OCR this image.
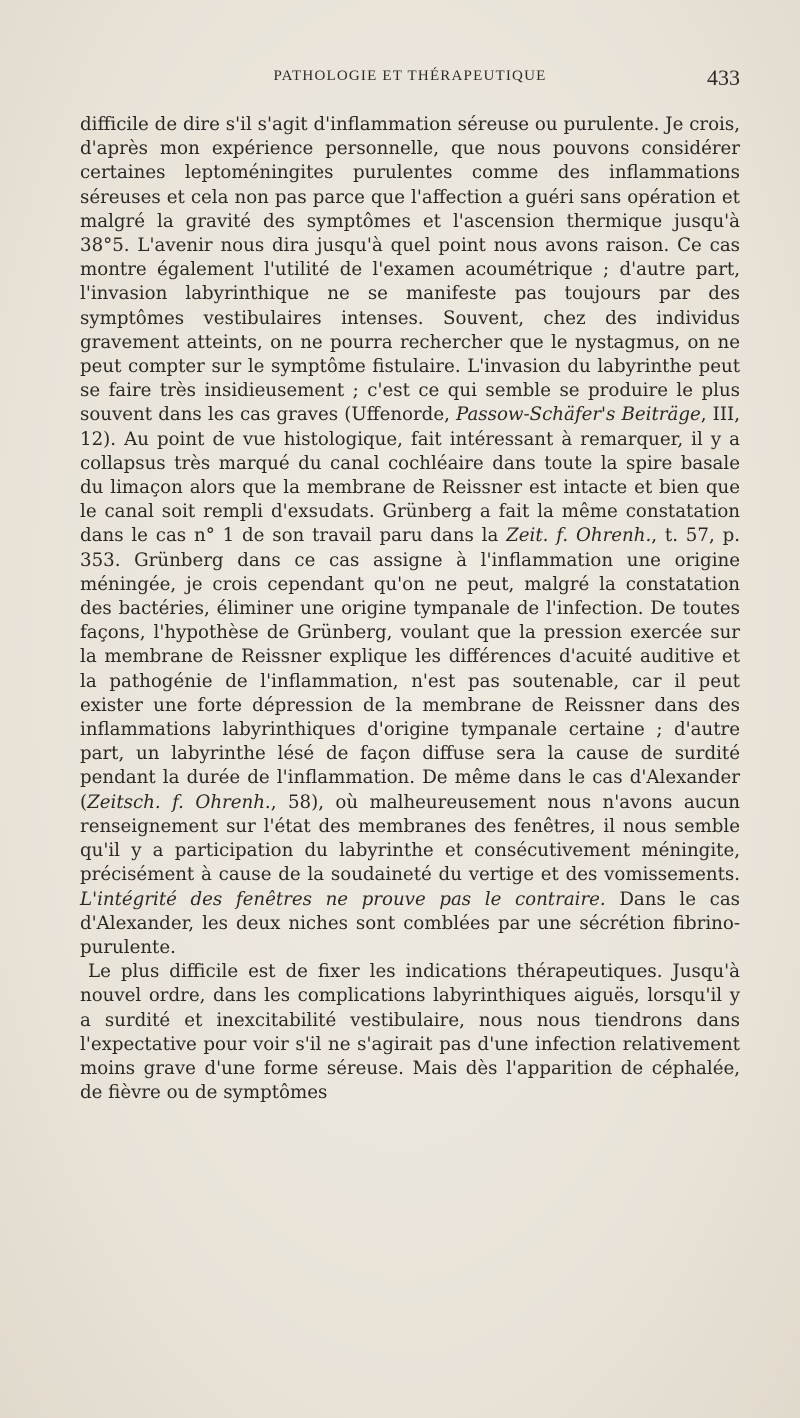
PATHOLOGIE ET THÉRAPEUTIQUE	433

difficile de dire s'il s'agit d'inflammation séreuse ou purulente. Je crois, d'après mon expérience personnelle, que nous pouvons considérer certaines leptoméningites purulentes comme des inflammations séreuses et cela non pas parce que l'affection a guéri sans opération et malgré la gravité des symptômes et l'ascension thermique jusqu'à 38°5. L'avenir nous dira jusqu'à quel point nous avons raison. Ce cas montre également l'utilité de l'examen acoumétrique ; d'autre part, l'invasion labyrinthique ne se manifeste pas toujours par des symptômes vestibulaires intenses. Souvent, chez des individus gravement atteints, on ne pourra rechercher que le nystagmus, on ne peut compter sur le symptôme fistulaire. L'invasion du labyrinthe peut se faire très insidieusement ; c'est ce qui semble se produire le plus souvent dans les cas graves (Uffenorde, Passow-Schäfer's Beiträge, III, 12). Au point de vue histologique, fait intéressant à remarquer, il y a collapsus très marqué du canal cochléaire dans toute la spire basale du limaçon alors que la membrane de Reissner est intacte et bien que le canal soit rempli d'exsudats. Grünberg a fait la même constatation dans le cas n° 1 de son travail paru dans la Zeit. f. Ohrenh., t. 57, p. 353. Grünberg dans ce cas assigne à l'inflammation une origine méningée, je crois cependant qu'on ne peut, malgré la constatation des bactéries, éliminer une origine tympanale de l'infection. De toutes façons, l'hypothèse de Grünberg, voulant que la pression exercée sur la membrane de Reissner explique les différences d'acuité auditive et la pathogénie de l'inflammation, n'est pas soutenable, car il peut exister une forte dépression de la membrane de Reissner dans des inflammations labyrinthiques d'origine tympanale certaine ; d'autre part, un labyrinthe lésé de façon diffuse sera la cause de surdité pendant la durée de l'inflammation. De même dans le cas d'Alexander (Zeitsch. f. Ohrenh., 58), où malheureusement nous n'avons aucun renseignement sur l'état des membranes des fenêtres, il nous semble qu'il y a participation du labyrinthe et consécutivement méningite, précisément à cause de la soudaineté du vertige et des vomissements. L'intégrité des fenêtres ne prouve pas le contraire. Dans le cas d'Alexander, les deux niches sont comblées par une sécrétion fibrino-purulente.

Le plus difficile est de fixer les indications thérapeutiques. Jusqu'à nouvel ordre, dans les complications labyrinthiques aiguës, lorsqu'il y a surdité et inexcitabilité vestibulaire, nous nous tiendrons dans l'expectative pour voir s'il ne s'agirait pas d'une infection relativement moins grave d'une forme séreuse. Mais dès l'apparition de céphalée, de fièvre ou de symptômes
